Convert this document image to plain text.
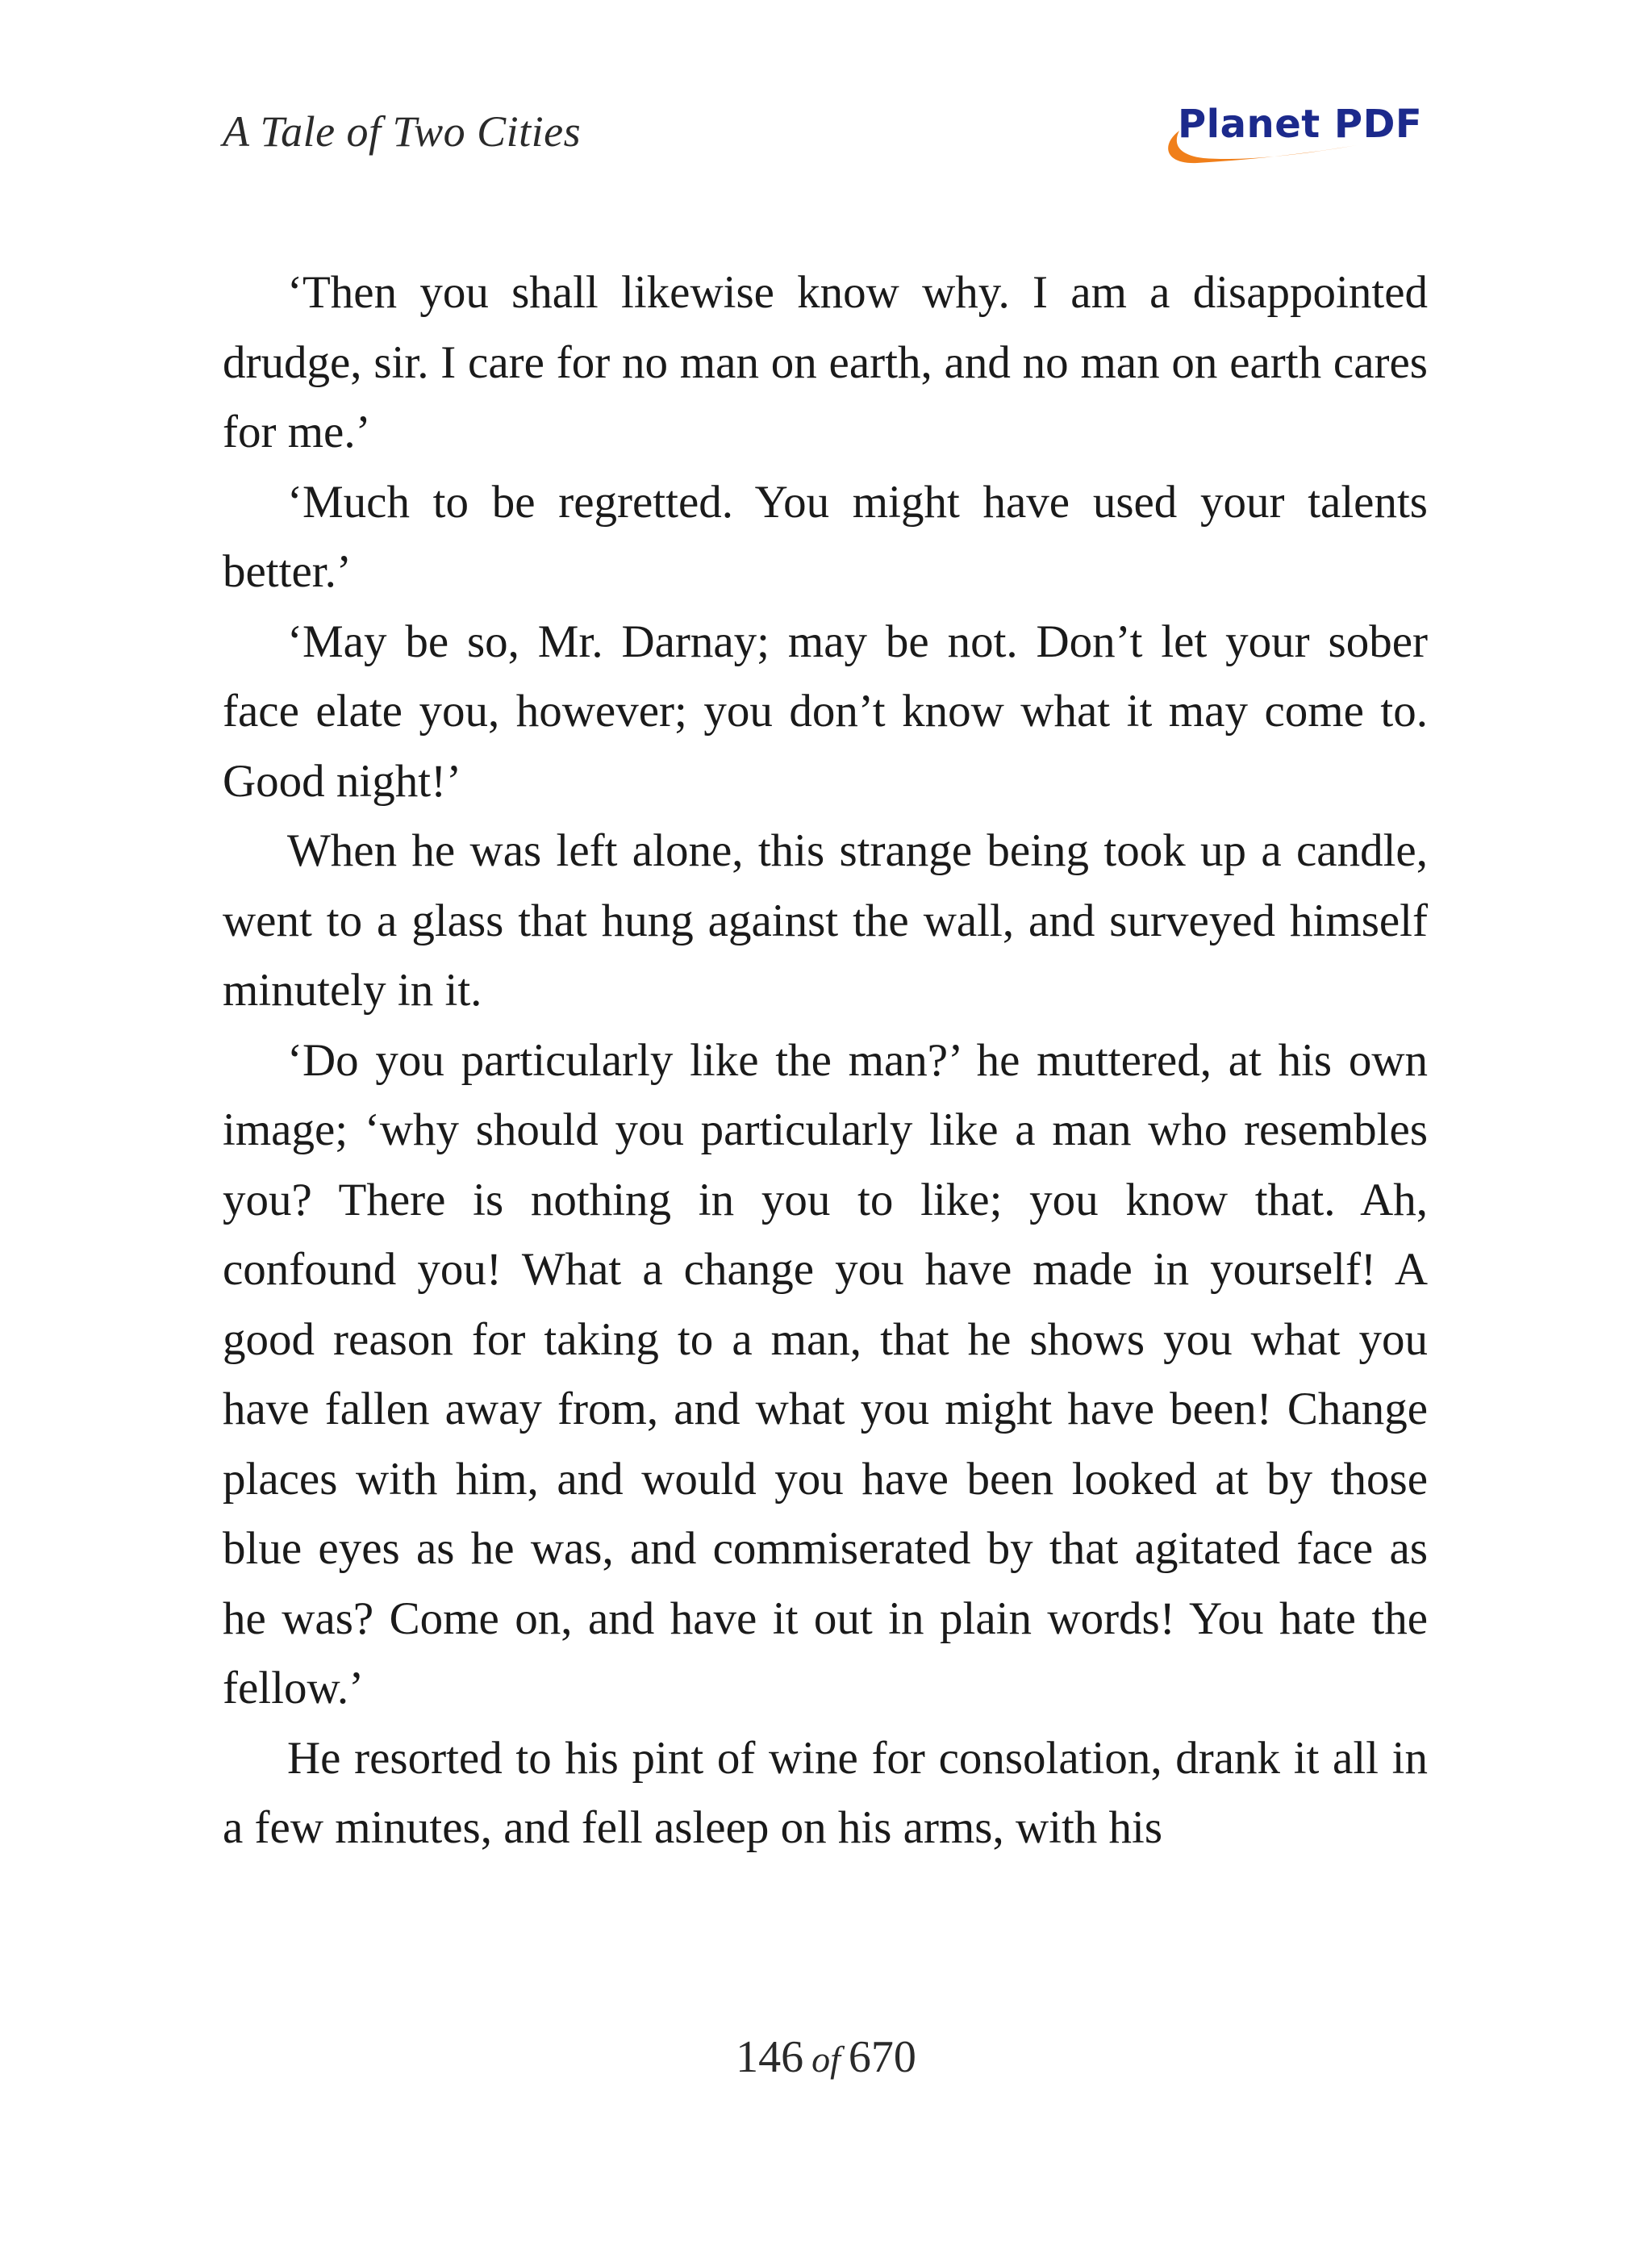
A Tale of Two Cities	Planet PDF

‘Then you shall likewise know why. I am a disappointed drudge, sir. I care for no man on earth, and no man on earth cares for me.’

‘Much to be regretted. You might have used your talents better.’

‘May be so, Mr. Darnay; may be not. Don’t let your sober face elate you, however; you don’t know what it may come to. Good night!’

When he was left alone, this strange being took up a candle, went to a glass that hung against the wall, and surveyed himself minutely in it.

‘Do you particularly like the man?’ he muttered, at his own image; ‘why should you particularly like a man who resembles you? There is nothing in you to like; you know that. Ah, confound you! What a change you have made in yourself! A good reason for taking to a man, that he shows you what you have fallen away from, and what you might have been! Change places with him, and would you have been looked at by those blue eyes as he was, and commiserated by that agitated face as he was? Come on, and have it out in plain words! You hate the fellow.’

He resorted to his pint of wine for consolation, drank it all in a few minutes, and fell asleep on his arms, with his

146 of 670
